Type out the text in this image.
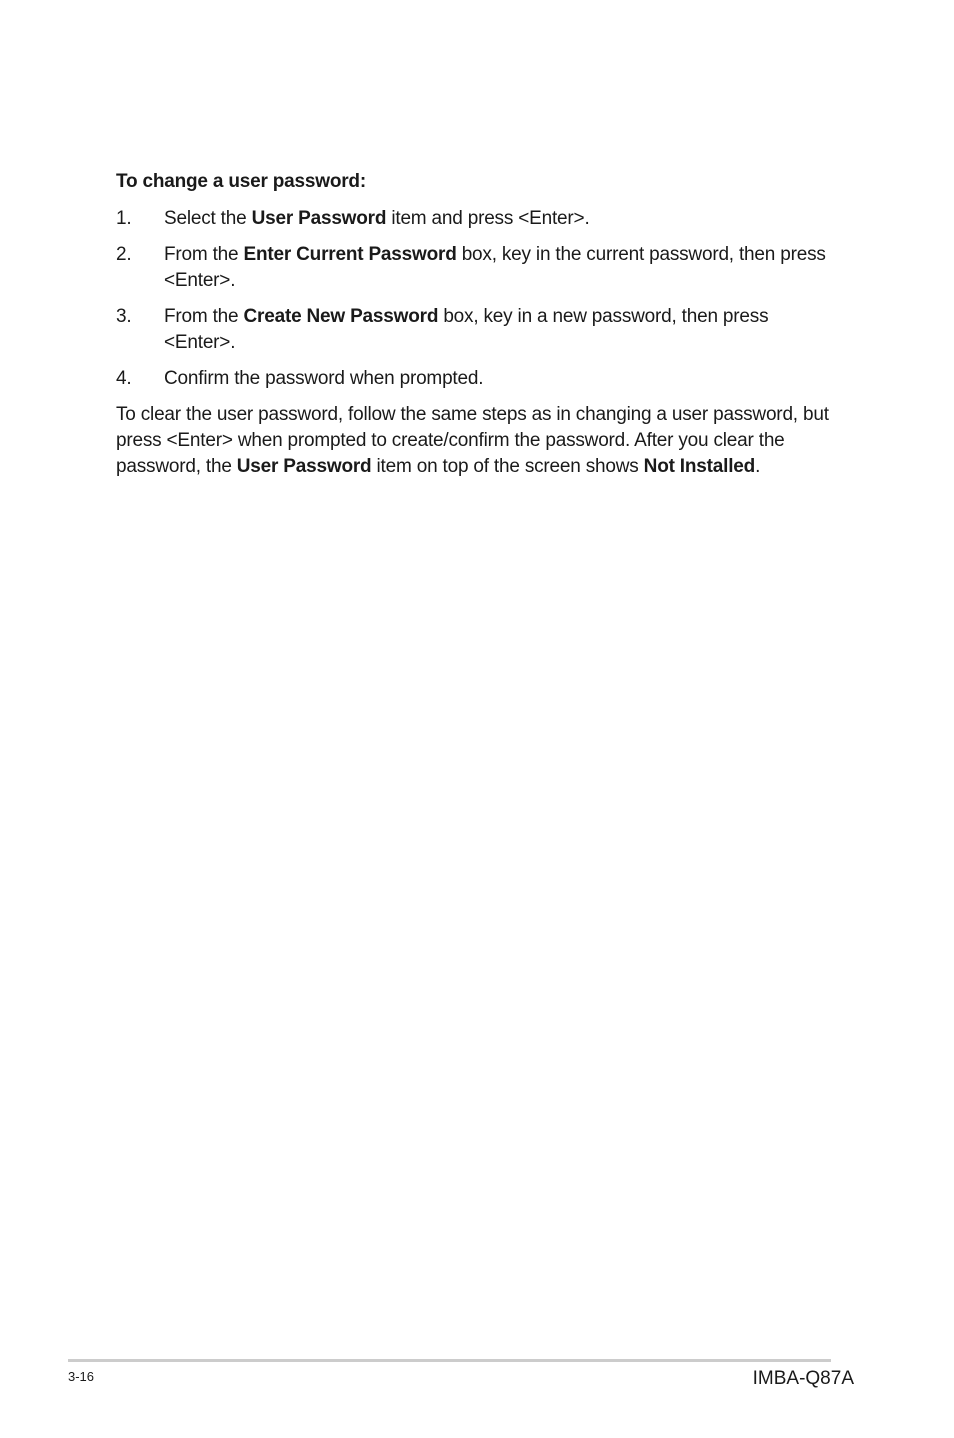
To change a user password:

1.	Select the User Password item and press <Enter>.
2.	From the Enter Current Password box, key in the current password, then press <Enter>.
3.	From the Create New Password box, key in a new password, then press <Enter>.
4.	Confirm the password when prompted.

To clear the user password, follow the same steps as in changing a user password, but press <Enter> when prompted to create/confirm the password. After you clear the password, the User Password item on top of the screen shows Not Installed.

3-16	IMBA-Q87A
